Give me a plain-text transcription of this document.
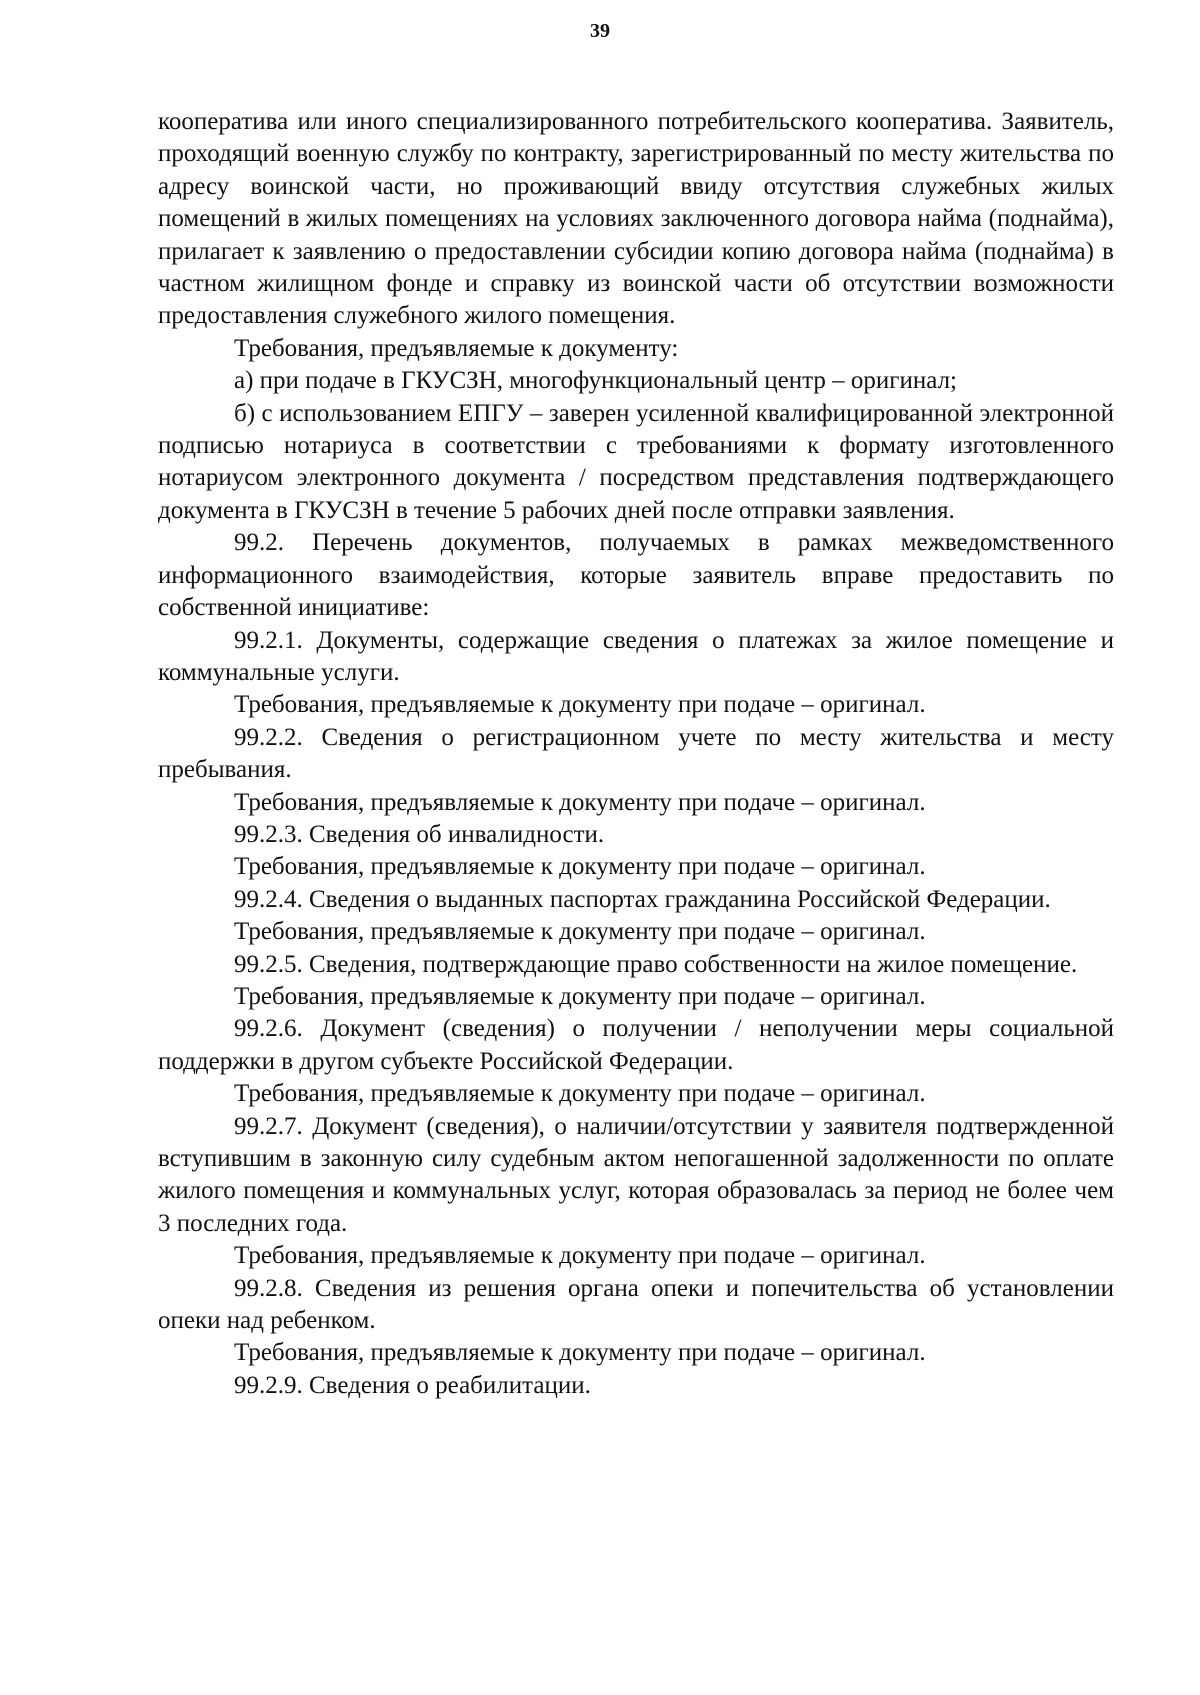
39

кооператива или иного специализированного потребительского кооператива. Заявитель, проходящий военную службу по контракту, зарегистрированный по месту жительства по адресу воинской части, но проживающий ввиду отсутствия служебных жилых помещений в жилых помещениях на условиях заключенного договора найма (поднайма), прилагает к заявлению о предоставлении субсидии копию договора найма (поднайма) в частном жилищном фонде и справку из воинской части об отсутствии возможности предоставления служебного жилого помещения.

Требования, предъявляемые к документу:

а) при подаче в ГКУСЗН, многофункциональный центр – оригинал;

б) с использованием ЕПГУ – заверен усиленной квалифицированной электронной подписью нотариуса в соответствии с требованиями к формату изготовленного нотариусом электронного документа / посредством представления подтверждающего документа в ГКУСЗН в течение 5 рабочих дней после отправки заявления.

99.2. Перечень документов, получаемых в рамках межведомственного информационного взаимодействия, которые заявитель вправе предоставить по собственной инициативе:

99.2.1. Документы, содержащие сведения о платежах за жилое помещение и коммунальные услуги.

Требования, предъявляемые к документу при подаче – оригинал.

99.2.2. Сведения о регистрационном учете по месту жительства и месту пребывания.

Требования, предъявляемые к документу при подаче – оригинал.

99.2.3. Сведения об инвалидности.

Требования, предъявляемые к документу при подаче – оригинал.

99.2.4. Сведения о выданных паспортах гражданина Российской Федерации.

Требования, предъявляемые к документу при подаче – оригинал.

99.2.5. Сведения, подтверждающие право собственности на жилое помещение.

Требования, предъявляемые к документу при подаче – оригинал.

99.2.6. Документ (сведения) о получении / неполучении меры социальной поддержки в другом субъекте Российской Федерации.

Требования, предъявляемые к документу при подаче – оригинал.

99.2.7. Документ (сведения), о наличии/отсутствии у заявителя подтвержденной вступившим в законную силу судебным актом непогашенной задолженности по оплате жилого помещения и коммунальных услуг, которая образовалась за период не более чем 3 последних года.

Требования, предъявляемые к документу при подаче – оригинал.

99.2.8. Сведения из решения органа опеки и попечительства об установлении опеки над ребенком.

Требования, предъявляемые к документу при подаче – оригинал.

99.2.9. Сведения о реабилитации.
